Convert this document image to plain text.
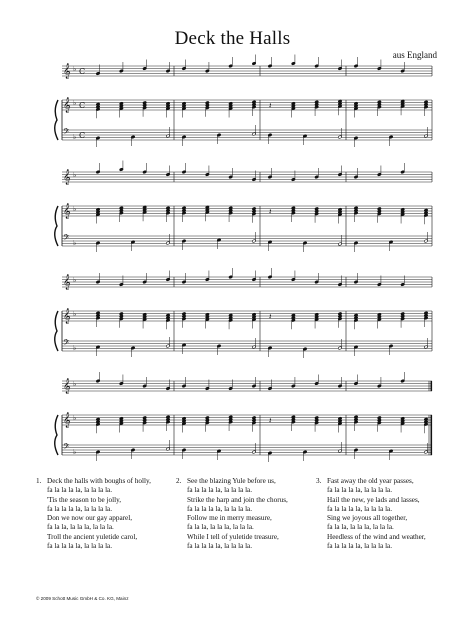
Deck the Halls
aus England
𝄞
𝄞
𝄢
♭
♭
♭
C
C
C
𝄽
𝄞
𝄞
𝄢
♭
♭
♭
𝄽
𝄞
𝄞
𝄢
♭
♭
♭
𝄽
𝄞
𝄞
𝄢
♭
♭
♭
𝄽
1. Deck the halls with boughs of holly,
fa la la la la, la la la la.
'Tis the season to be jolly,
fa la la la la, la la la la.
Don we now our gay apparel,
fa la la, la la la, la la la.
Troll the ancient yuletide carol,
fa la la la la, la la la la.
2. See the blazing Yule before us,
fa la la la la, la la la la.
Strike the harp and join the chorus,
fa la la la la, la la la la.
Follow me in merry measure,
fa la la, la la la, la la la.
While I tell of yuletide treasure,
fa la la la la, la la la la.
3. Fast away the old year passes,
fa la la la la, la la la la.
Hail the new, ye lads and lasses,
fa la la la la, la la la la.
Sing we joyous all together,
fa la la, la la la, la la la.
Heedless of the wind and weather,
fa la la la la, la la la la.
© 2009 Schott Music GmbH & Co. KG, Mainz
